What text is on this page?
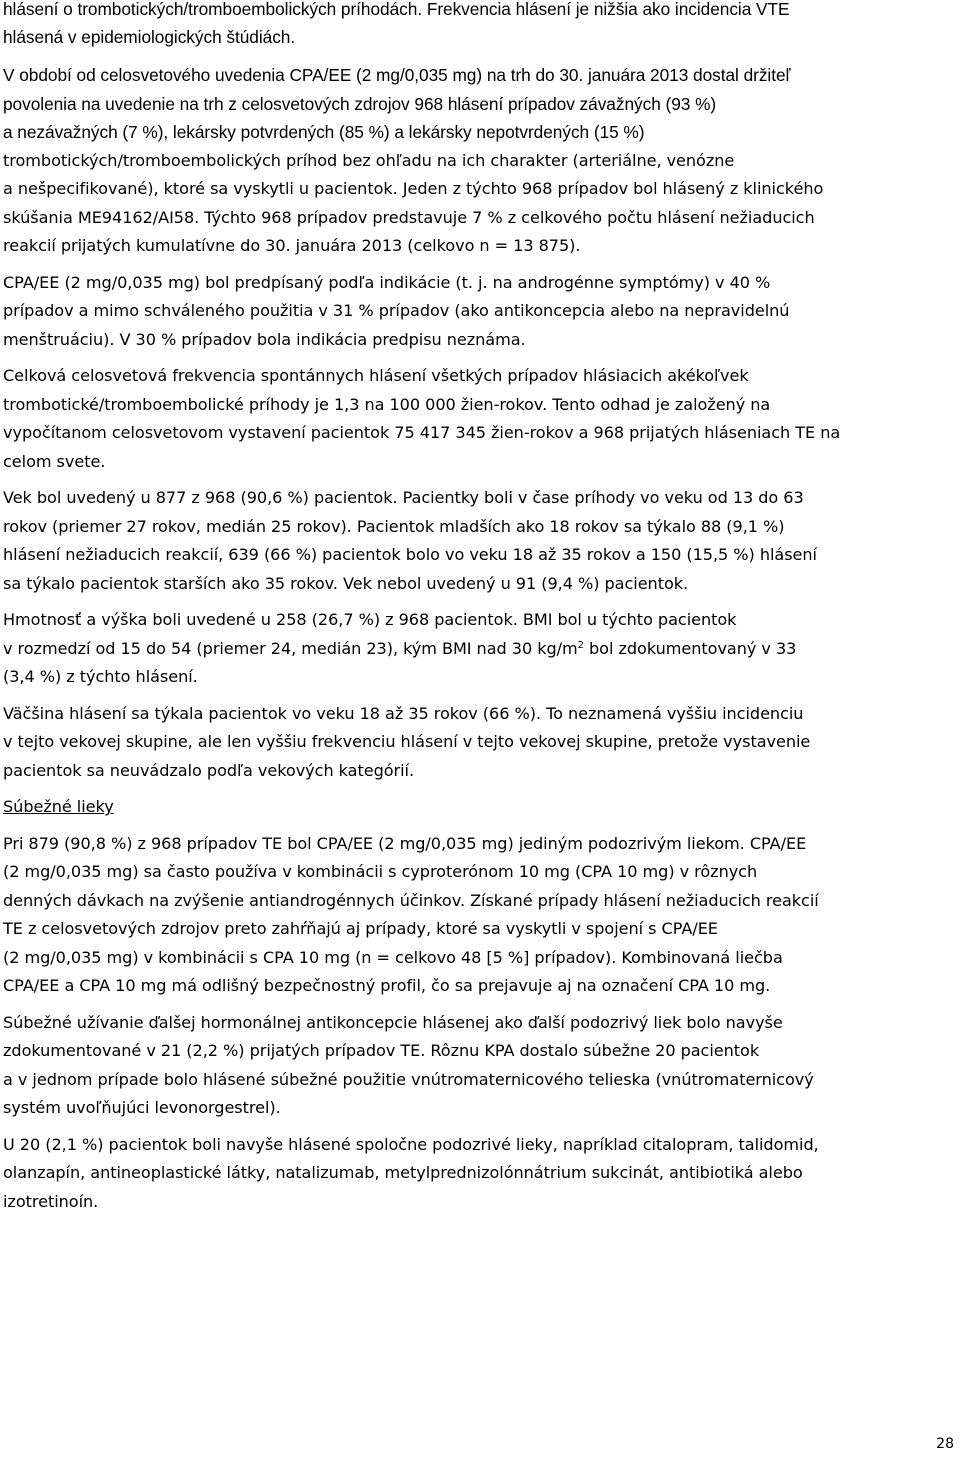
hlásení o trombotických/tromboembolických príhodách. Frekvencia hlásení je nižšia ako incidencia VTE
hlásená v epidemiologických štúdiách.

V období od celosvetového uvedenia CPA/EE (2 mg/0,035 mg) na trh do 30. januára 2013 dostal držiteľ
povolenia na uvedenie na trh z celosvetových zdrojov 968 hlásení prípadov závažných (93 %)
a nezávažných (7 %), lekársky potvrdených (85 %) a lekársky nepotvrdených (15 %)

trombotických/tromboembolických príhod bez ohľadu na ich charakter (arteriálne, venózne
a nešpecifikované), ktoré sa vyskytli u pacientok. Jeden z týchto 968 prípadov bol hlásený z klinického
skúšania ME94162/AI58. Týchto 968 prípadov predstavuje 7 % z celkového počtu hlásení nežiaducich
reakcií prijatých kumulatívne do 30. januára 2013 (celkovo n = 13 875).

CPA/EE (2 mg/0,035 mg) bol predpísaný podľa indikácie (t. j. na androgénne symptómy) v 40 %
prípadov a mimo schváleného použitia v 31 % prípadov (ako antikoncepcia alebo na nepravidelnú
menštruáciu). V 30 % prípadov bola indikácia predpisu neznáma.

Celková celosvetová frekvencia spontánnych hlásení všetkých prípadov hlásiacich akékoľvek
trombotické/tromboembolické príhody je 1,3 na 100 000 žien-rokov. Tento odhad je založený na
vypočítanom celosvetovom vystavení pacientok 75 417 345 žien-rokov a 968 prijatých hláseniach TE na
celom svete.

Vek bol uvedený u 877 z 968 (90,6 %) pacientok. Pacientky boli v čase príhody vo veku od 13 do 63
rokov (priemer 27 rokov, medián 25 rokov). Pacientok mladších ako 18 rokov sa týkalo 88 (9,1 %)
hlásení nežiaducich reakcií, 639 (66 %) pacientok bolo vo veku 18 až 35 rokov a 150 (15,5 %) hlásení
sa týkalo pacientok starších ako 35 rokov. Vek nebol uvedený u 91 (9,4 %) pacientok.

Hmotnosť a výška boli uvedené u 258 (26,7 %) z 968 pacientok. BMI bol u týchto pacientok
v rozmedzí od 15 do 54 (priemer 24, medián 23), kým BMI nad 30 $kg/m^2$ bol zdokumentovaný v 33
(3,4 %) z týchto hlásení.

Väčšina hlásení sa týkala pacientok vo veku 18 až 35 rokov (66 %). To neznamená vyššiu incidenciu
v tejto vekovej skupine, ale len vyššiu frekvenciu hlásení v tejto vekovej skupine, pretože vystavenie
pacientok sa neuvádzalo podľa vekových kategórií.

Súbežné lieky

Pri 879 (90,8 %) z 968 prípadov TE bol CPA/EE (2 mg/0,035 mg) jediným podozrivým liekom. CPA/EE
(2 mg/0,035 mg) sa často používa v kombinácii s cyproterónom 10 mg (CPA 10 mg) v rôznych
denných dávkach na zvýšenie antiandrogénnych účinkov. Získané prípady hlásení nežiaducich reakcií
TE z celosvetových zdrojov preto zahŕňajú aj prípady, ktoré sa vyskytli v spojení s CPA/EE
(2 mg/0,035 mg) v kombinácii s CPA 10 mg (n = celkovo 48 [5 %] prípadov). Kombinovaná liečba
CPA/EE a CPA 10 mg má odlišný bezpečnostný profil, čo sa prejavuje aj na označení CPA 10 mg.

Súbežné užívanie ďalšej hormonálnej antikoncepcie hlásenej ako ďalší podozrivý liek bolo navyše
zdokumentované v 21 (2,2 %) prijatých prípadov TE. Rôznu KPA dostalo súbežne 20 pacientok
a v jednom prípade bolo hlásené súbežné použitie vnútromaternicového telieska (vnútromaternicový
systém uvoľňujúci levonorgestrel).

U 20 (2,1 %) pacientok boli navyše hlásené spoločne podozrivé lieky, napríklad citalopram, talidomid,
olanzapín, antineoplastické látky, natalizumab, metylprednizolónnátrium sukcinát, antibiotiká alebo
izotretinoín.

28
